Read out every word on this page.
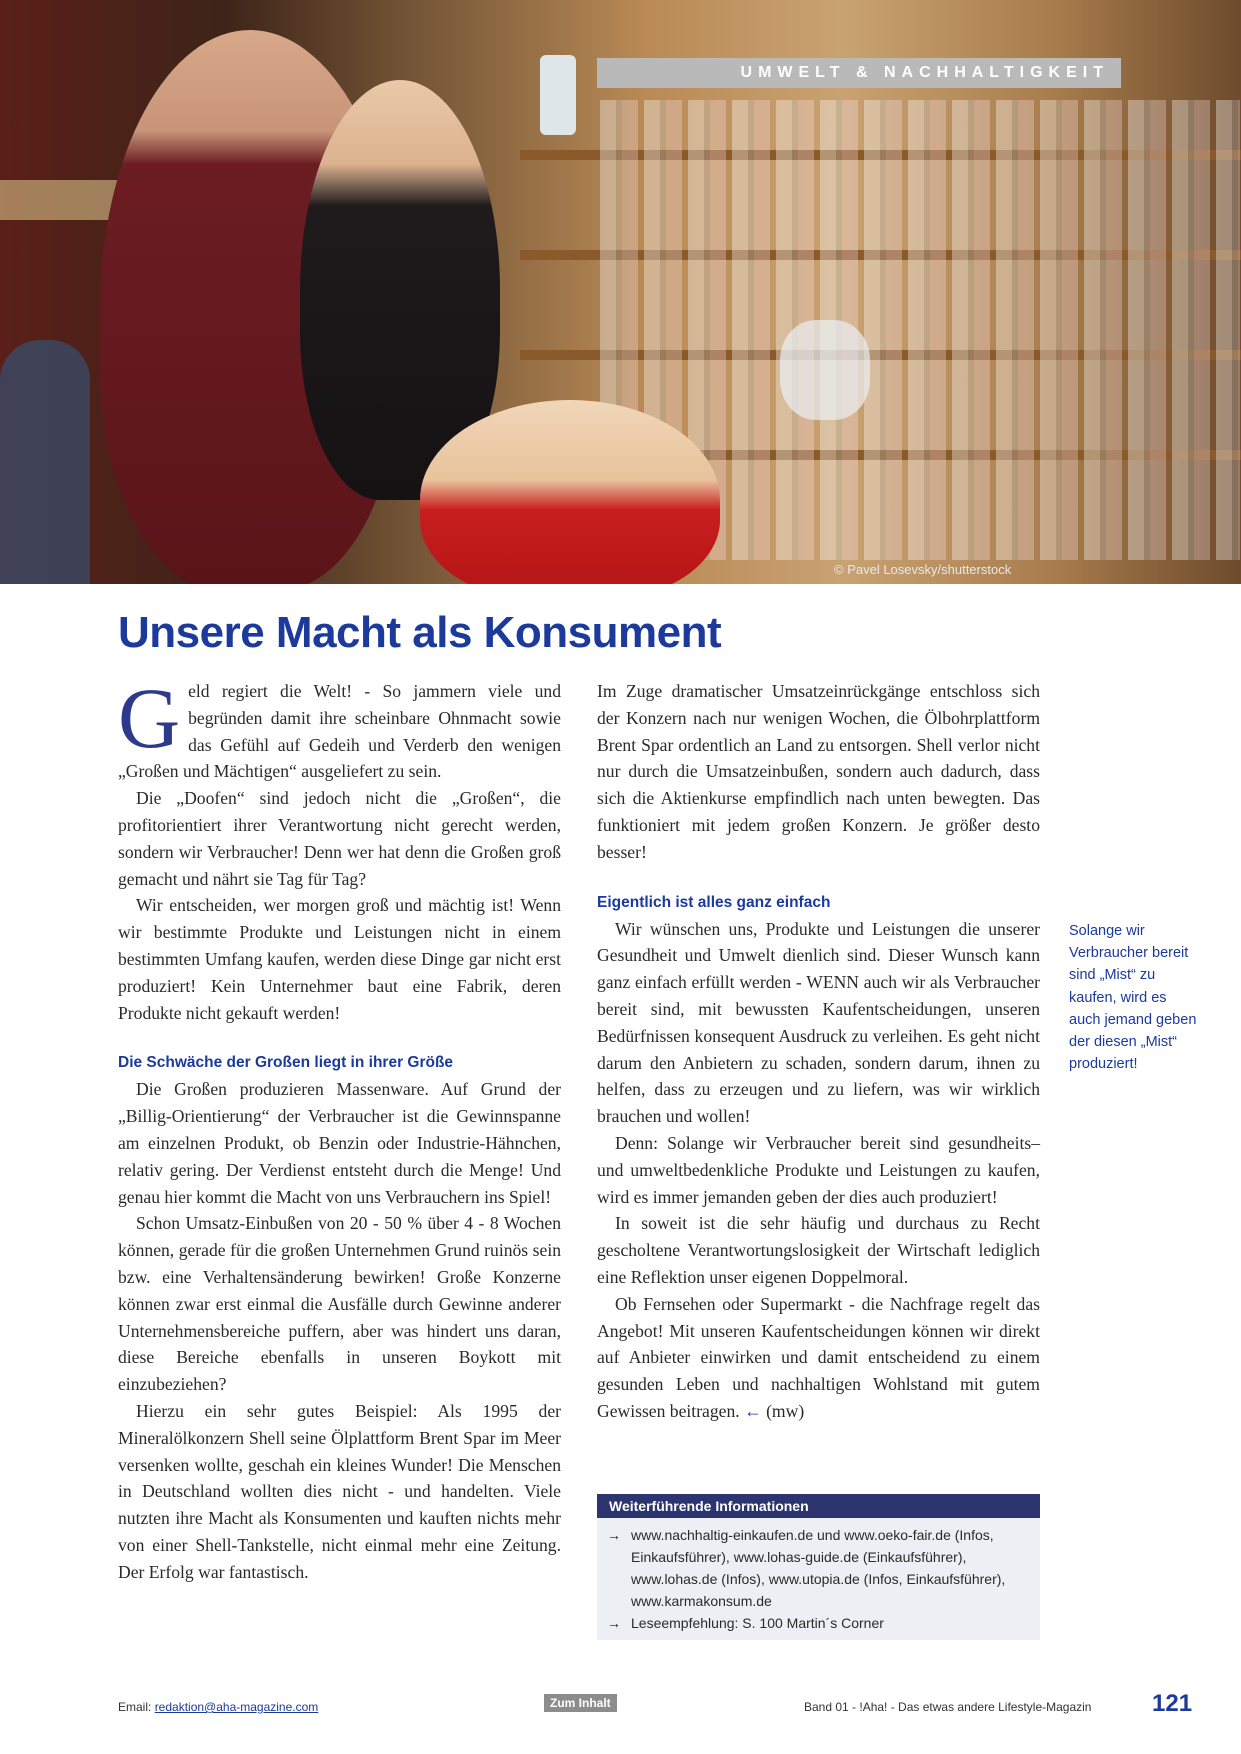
UMWELT & NACHHALTIGKEIT
© Pavel Losevsky/shutterstock
Unsere Macht als Konsument

Geld regiert die Welt! - So jammern viele und begründen damit ihre scheinbare Ohnmacht sowie das Gefühl auf Gedeih und Verderb den wenigen „Großen und Mächtigen“ ausgeliefert zu sein.

Die „Doofen“ sind jedoch nicht die „Großen“, die profitorientiert ihrer Verantwortung nicht gerecht werden, sondern wir Verbraucher! Denn wer hat denn die Großen groß gemacht und nährt sie Tag für Tag?

Wir entscheiden, wer morgen groß und mächtig ist! Wenn wir bestimmte Produkte und Leistungen nicht in einem bestimmten Umfang kaufen, werden diese Dinge gar nicht erst produziert! Kein Unternehmer baut eine Fabrik, deren Produkte nicht gekauft werden!

Die Schwäche der Großen liegt in ihrer Größe

Die Großen produzieren Massenware. Auf Grund der „Billig-Orientierung“ der Verbraucher ist die Gewinnspanne am einzelnen Produkt, ob Benzin oder Industrie-Hähnchen, relativ gering. Der Verdienst entsteht durch die Menge! Und genau hier kommt die Macht von uns Verbrauchern ins Spiel!

Schon Umsatz-Einbußen von 20 - 50 % über 4 - 8 Wochen können, gerade für die großen Unternehmen Grund ruinös sein bzw. eine Verhaltensänderung bewirken! Große Konzerne können zwar erst einmal die Ausfälle durch Gewinne anderer Unternehmensbereiche puffern, aber was hindert uns daran, diese Bereiche ebenfalls in unseren Boykott mit einzubeziehen?

Hierzu ein sehr gutes Beispiel: Als 1995 der Mineralölkonzern Shell seine Ölplattform Brent Spar im Meer versenken wollte, geschah ein kleines Wunder! Die Menschen in Deutschland wollten dies nicht - und handelten. Viele nutzten ihre Macht als Konsumenten und kauften nichts mehr von einer Shell-Tankstelle, nicht einmal mehr eine Zeitung. Der Erfolg war fantastisch.

Im Zuge dramatischer Umsatzeinrückgänge entschloss sich der Konzern nach nur wenigen Wochen, die Ölbohrplattform Brent Spar ordentlich an Land zu entsorgen. Shell verlor nicht nur durch die Umsatzeinbußen, sondern auch dadurch, dass sich die Aktienkurse empfindlich nach unten bewegten. Das funktioniert mit jedem großen Konzern. Je größer desto besser!

Eigentlich ist alles ganz einfach

Wir wünschen uns, Produkte und Leistungen die unserer Gesundheit und Umwelt dienlich sind. Dieser Wunsch kann ganz einfach erfüllt werden - WENN auch wir als Verbraucher bereit sind, mit bewussten Kaufentscheidungen, unseren Bedürfnissen konsequent Ausdruck zu verleihen. Es geht nicht darum den Anbietern zu schaden, sondern darum, ihnen zu helfen, dass zu erzeugen und zu liefern, was wir wirklich brauchen und wollen!

Denn: Solange wir Verbraucher bereit sind gesundheits– und umweltbedenkliche Produkte und Leistungen zu kaufen, wird es immer jemanden geben der dies auch produziert!

In soweit ist die sehr häufig und durchaus zu Recht gescholtene Verantwortungslosigkeit der Wirtschaft lediglich eine Reflektion unser eigenen Doppelmoral.

Ob Fernsehen oder Supermarkt - die Nachfrage regelt das Angebot! Mit unseren Kaufentscheidungen können wir direkt auf Anbieter einwirken und damit entscheidend zu einem gesunden Leben und nachhaltigen Wohlstand mit gutem Gewissen beitragen. ← (mw)

Solange wir Verbraucher bereit sind „Mist“ zu kaufen, wird es auch jemand geben der diesen „Mist“ produziert!
Weiterführende Informationen
→ www.nachhaltig-einkaufen.de und www.oeko-fair.de (Infos, Einkaufsführer), www.lohas-guide.de (Einkaufsführer), www.lohas.de (Infos), www.utopia.de (Infos, Einkaufsführer), www.karmakonsum.de
→ Leseempfehlung: S. 100 Martin´s Corner
Email: redaktion@aha-magazine.com	Zum Inhalt	Band 01 - !Aha! - Das etwas andere Lifestyle-Magazin	121
